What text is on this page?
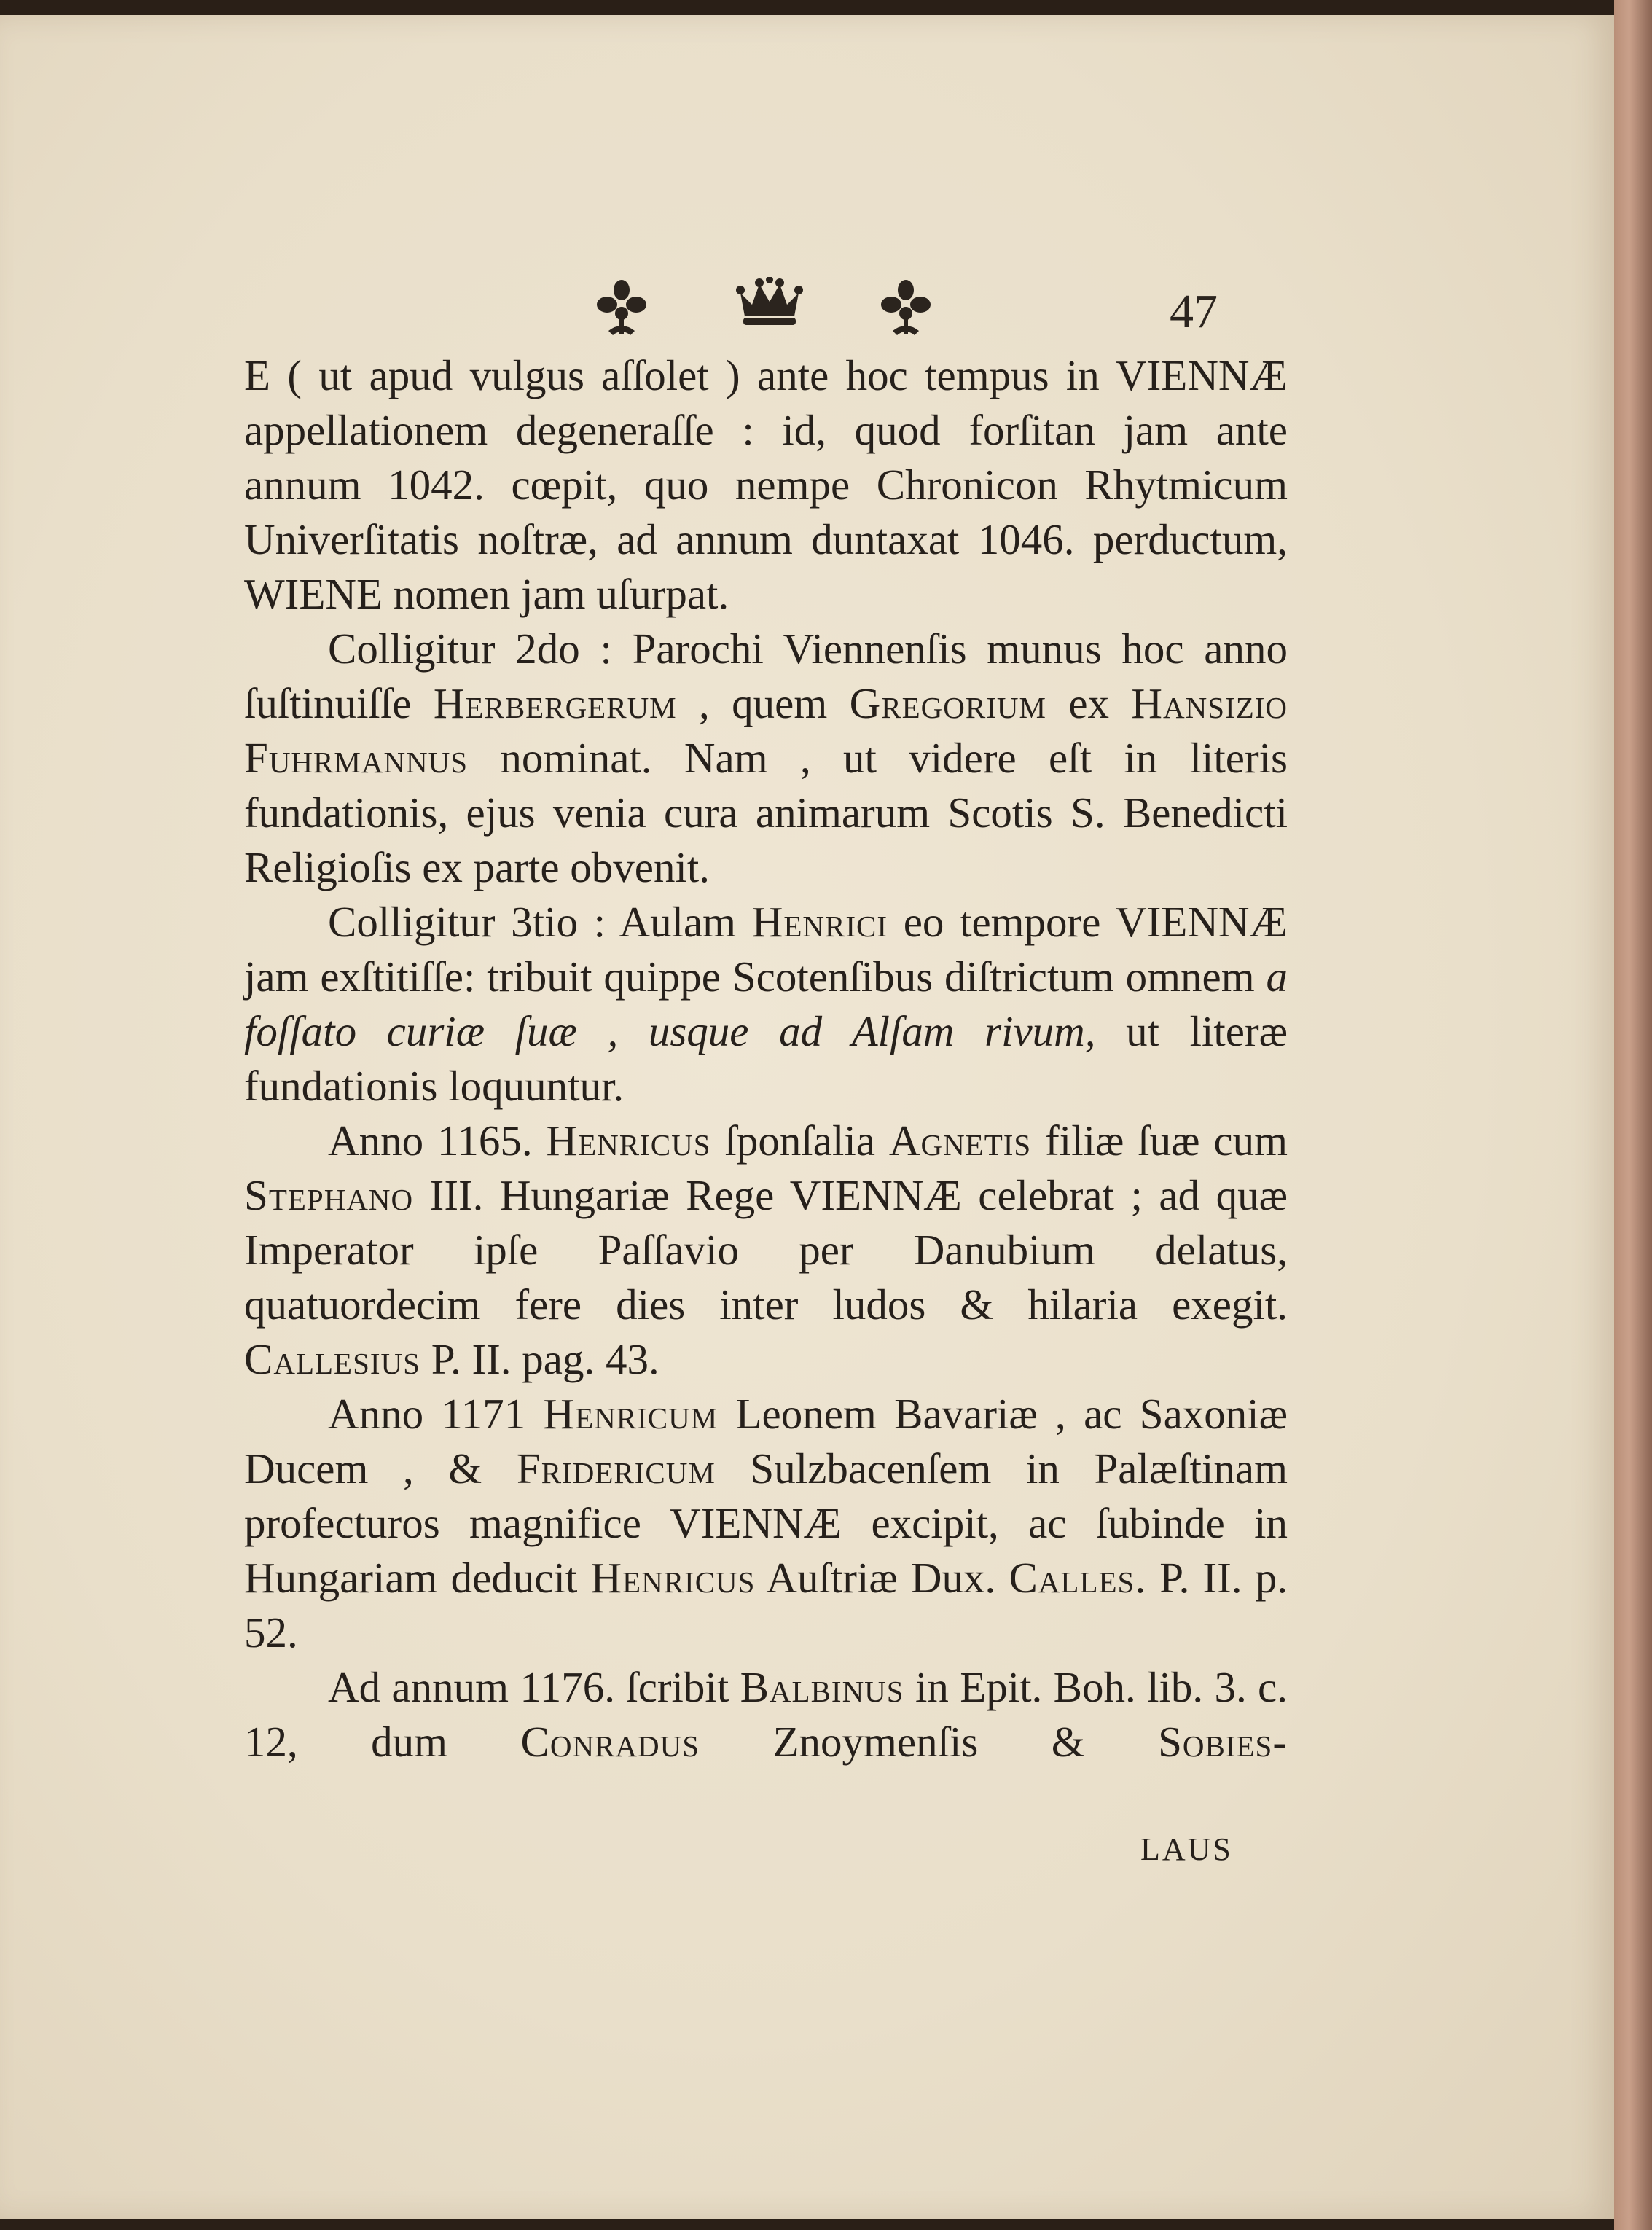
47

E ( ut apud vulgus aſſolet ) ante hoc tempus in VIENNÆ appellationem degeneraſſe : id, quod forſitan jam ante annum 1042. cœpit, quo nempe Chronicon Rhytmicum Univerſitatis noſtræ, ad annum duntaxat 1046. perductum, WIENE nomen jam uſurpat.

Colligitur 2do : Parochi Viennenſis munus hoc anno ſuſtinuiſſe Herbergerum , quem Gregorium ex Hansizio Fuhrmannus nominat. Nam , ut videre eſt in literis fundationis, ejus venia cura animarum Scotis S. Benedicti Religioſis ex parte obvenit.

Colligitur 3tio : Aulam Henrici eo tempore VIENNÆ jam exſtitiſſe: tribuit quippe Scotenſibus diſtrictum omnem a foſſato curiæ ſuæ , usque ad Alſam rivum, ut literæ fundationis loquuntur.

Anno 1165. Henricus ſponſalia Agnetis filiæ ſuæ cum Stephano III. Hungariæ Rege VIENNÆ celebrat ; ad quæ Imperator ipſe Paſſavio per Danubium delatus, quatuordecim fere dies inter ludos & hilaria exegit. Callesius P. II. pag. 43.

Anno 1171 Henricum Leonem Bavariæ , ac Saxoniæ Ducem , & Fridericum Sulzbacenſem in Palæſtinam profecturos magnifice VIENNÆ excipit, ac ſubinde in Hungariam deducit Henricus Auſtriæ Dux. Calles. P. II. p. 52.

Ad annum 1176. ſcribit Balbinus in Epit. Boh. lib. 3. c. 12, dum Conradus Znoymenſis & Sobies-

LAUS
